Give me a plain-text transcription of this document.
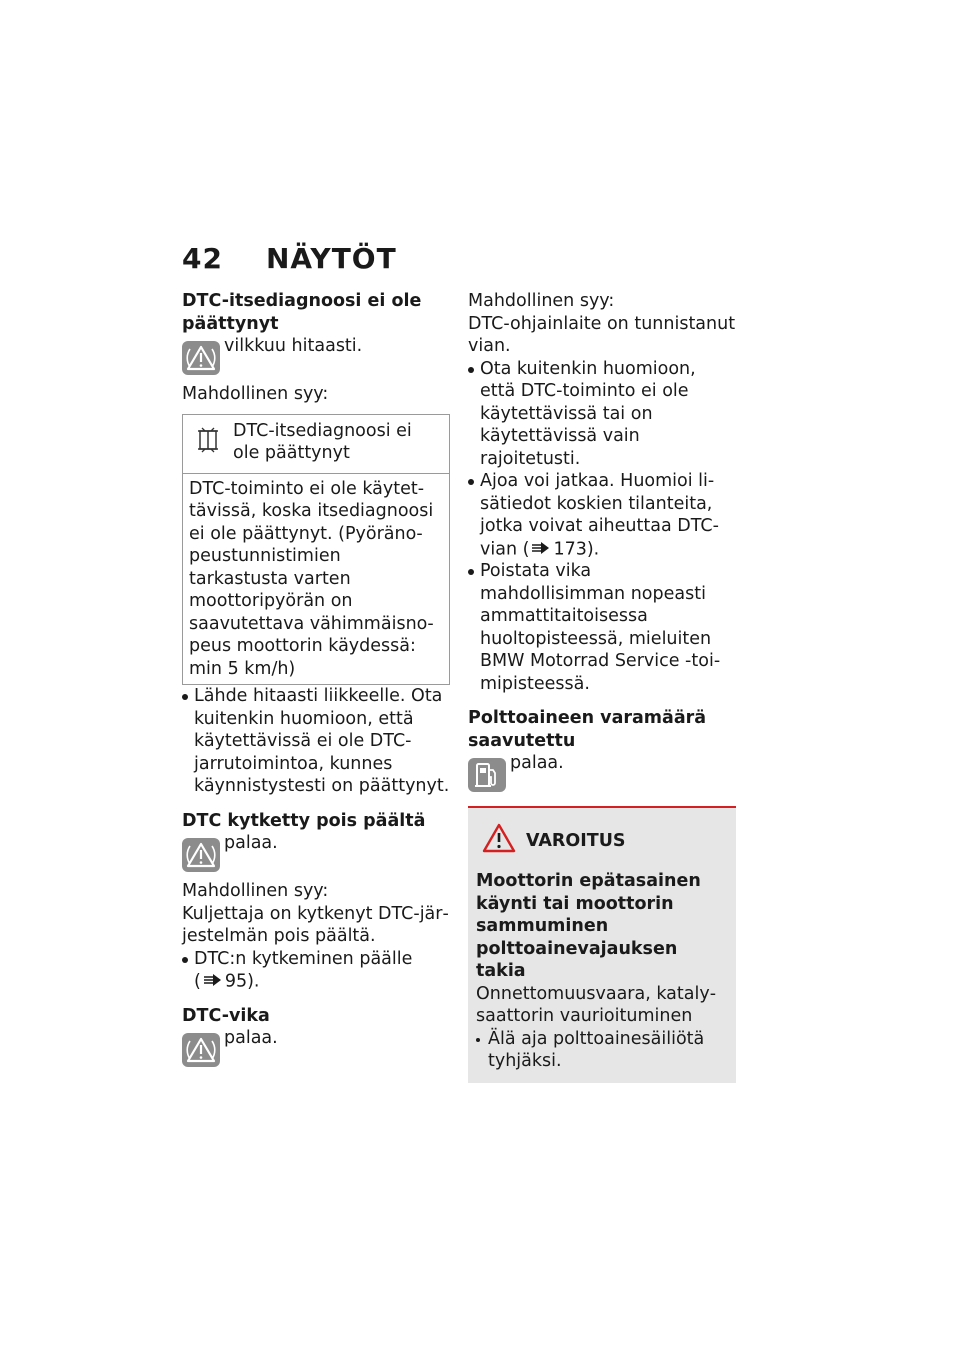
42 NÄYTÖT

DTC-itsediagnoosi ei ole päättynyt

vilkkuu hitaasti.

Mahdollinen syy:

DTC-itsediagnoosi ei ole päättynyt

DTC-toiminto ei ole käytettävissä, koska itsediagnoosi ei ole päättynyt. (Pyöränopeustunnistimien tarkastusta varten moottoripyörän on saavutettava vähimmäisnopeus moottorin käydessä: min 5 km/h)

Lähde hitaasti liikkeelle. Ota kuitenkin huomioon, että käytettävissä ei ole DTC-jarrutoimintoa, kunnes käynnistystesti on päättynyt.

DTC kytketty pois päältä

palaa.

Mahdollinen syy:

Kuljettaja on kytkenyt DTC-järjestelmän pois päältä.

DTC:n kytkeminen päälle
( 95).

DTC-vika

palaa.

Mahdollinen syy:

DTC-ohjainlaite on tunnistanut vian.

Ota kuitenkin huomioon, että DTC-toiminto ei ole käytettävissä tai on käytettävissä vain rajoitetusti.
Ajoa voi jatkaa. Huomioi lisätiedot koskien tilanteita, jotka voivat aiheuttaa DTC-vian ( 173).
Poistata vika mahdollisimman nopeasti ammattitaitoisessa huoltopisteessä, mieluiten BMW Motorrad Service -toimipisteessä.

Polttoaineen varamäärä saavutettu

palaa.

VAROITUS

Moottorin epätasainen käynti tai moottorin sammuminen polttoainevajauksen takia

Onnettomuusvaara, katalysaattorin vaurioituminen

Älä aja polttoainesäiliötä tyhjäksi.
